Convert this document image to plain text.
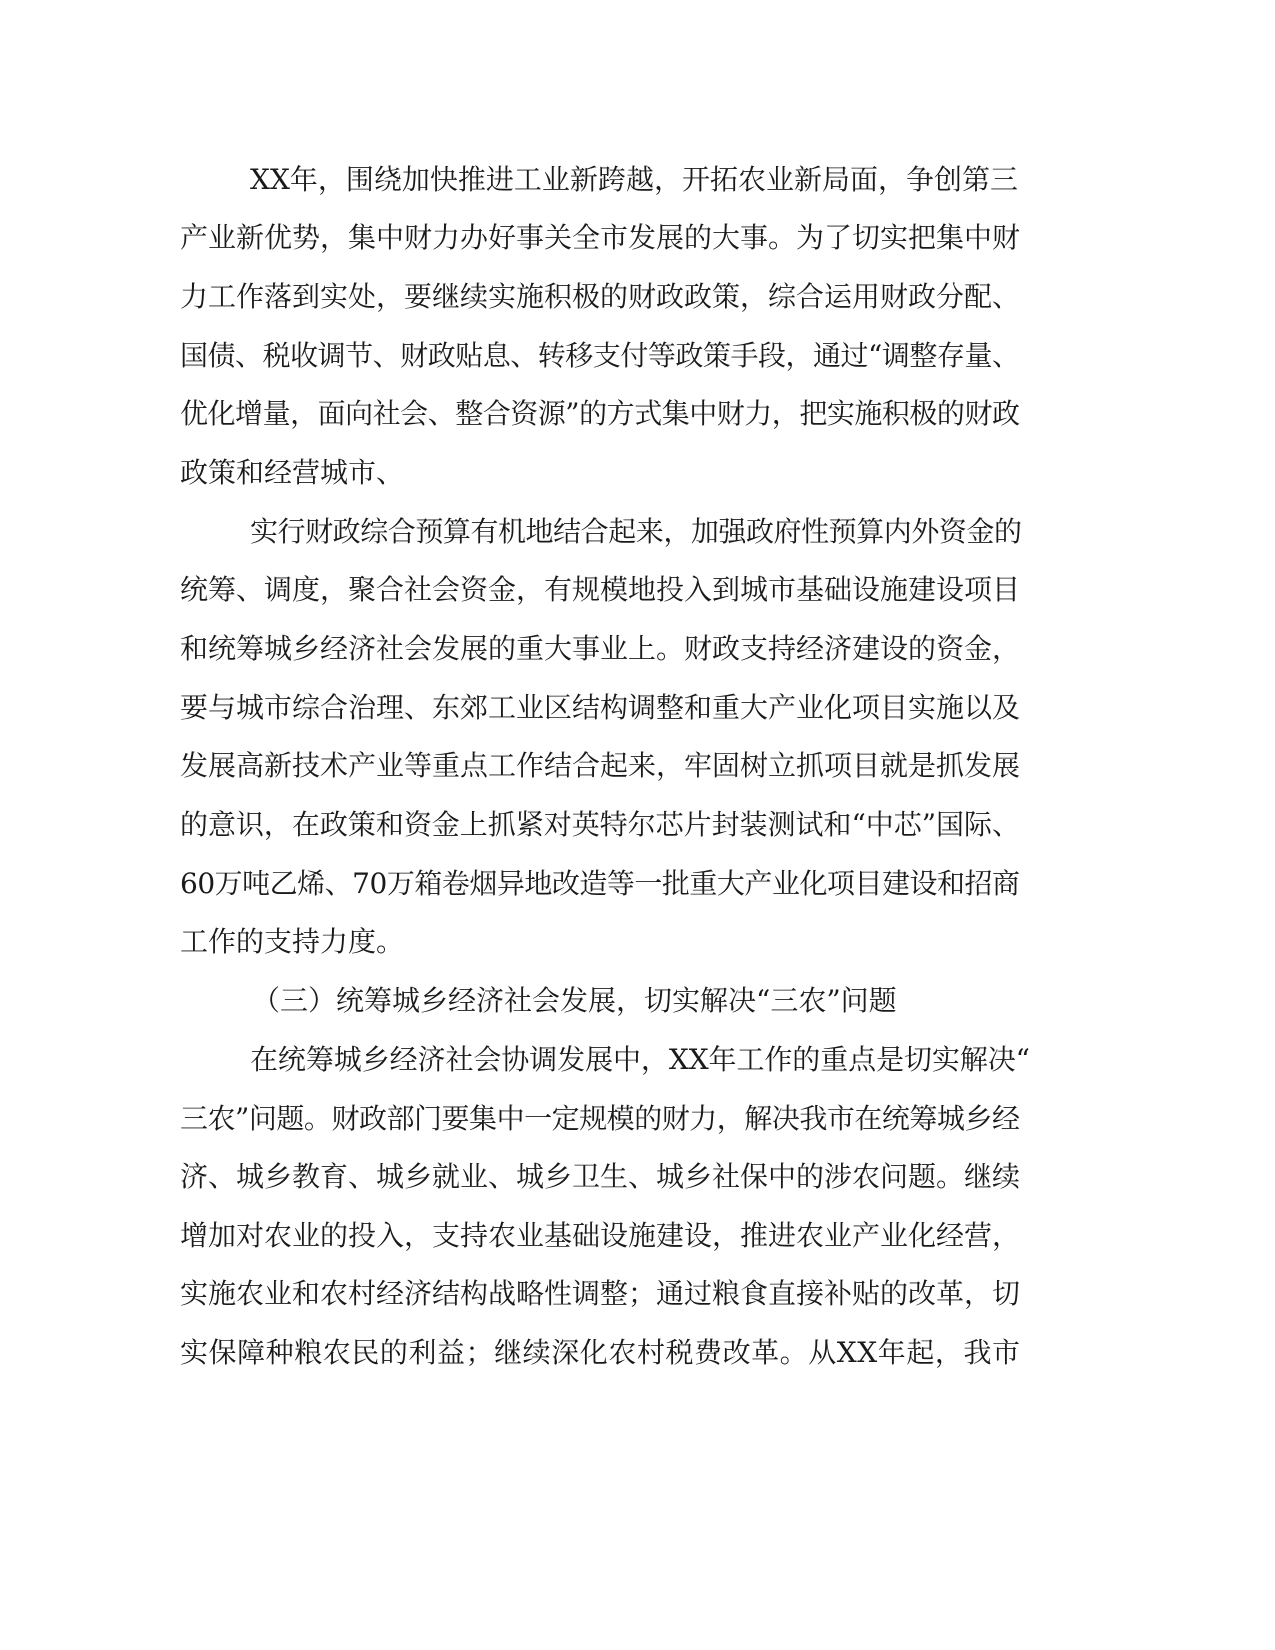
XX年，围绕加快推进工业新跨越，开拓农业新局面，争创第三
产业新优势，集中财力办好事关全市发展的大事。为了切实把集中财
力工作落到实处，要继续实施积极的财政政策，综合运用财政分配、
国债、税收调节、财政贴息、转移支付等政策手段，通过“调整存量、
优化增量，面向社会、整合资源”的方式集中财力，把实施积极的财政
政策和经营城市、
实行财政综合预算有机地结合起来，加强政府性预算内外资金的
统筹、调度，聚合社会资金，有规模地投入到城市基础设施建设项目
和统筹城乡经济社会发展的重大事业上。财政支持经济建设的资金，
要与城市综合治理、东郊工业区结构调整和重大产业化项目实施以及
发展高新技术产业等重点工作结合起来，牢固树立抓项目就是抓发展
的意识，在政策和资金上抓紧对英特尔芯片封装测试和“中芯”国际、
60万吨乙烯、70万箱卷烟异地改造等一批重大产业化项目建设和招商
工作的支持力度。
（三）统筹城乡经济社会发展，切实解决“三农”问题
在统筹城乡经济社会协调发展中，XX年工作的重点是切实解决“
三农”问题。财政部门要集中一定规模的财力，解决我市在统筹城乡经
济、城乡教育、城乡就业、城乡卫生、城乡社保中的涉农问题。继续
增加对农业的投入，支持农业基础设施建设，推进农业产业化经营，
实施农业和农村经济结构战略性调整；通过粮食直接补贴的改革，切
实保障种粮农民的利益；继续深化农村税费改革。从XX年起，我市
